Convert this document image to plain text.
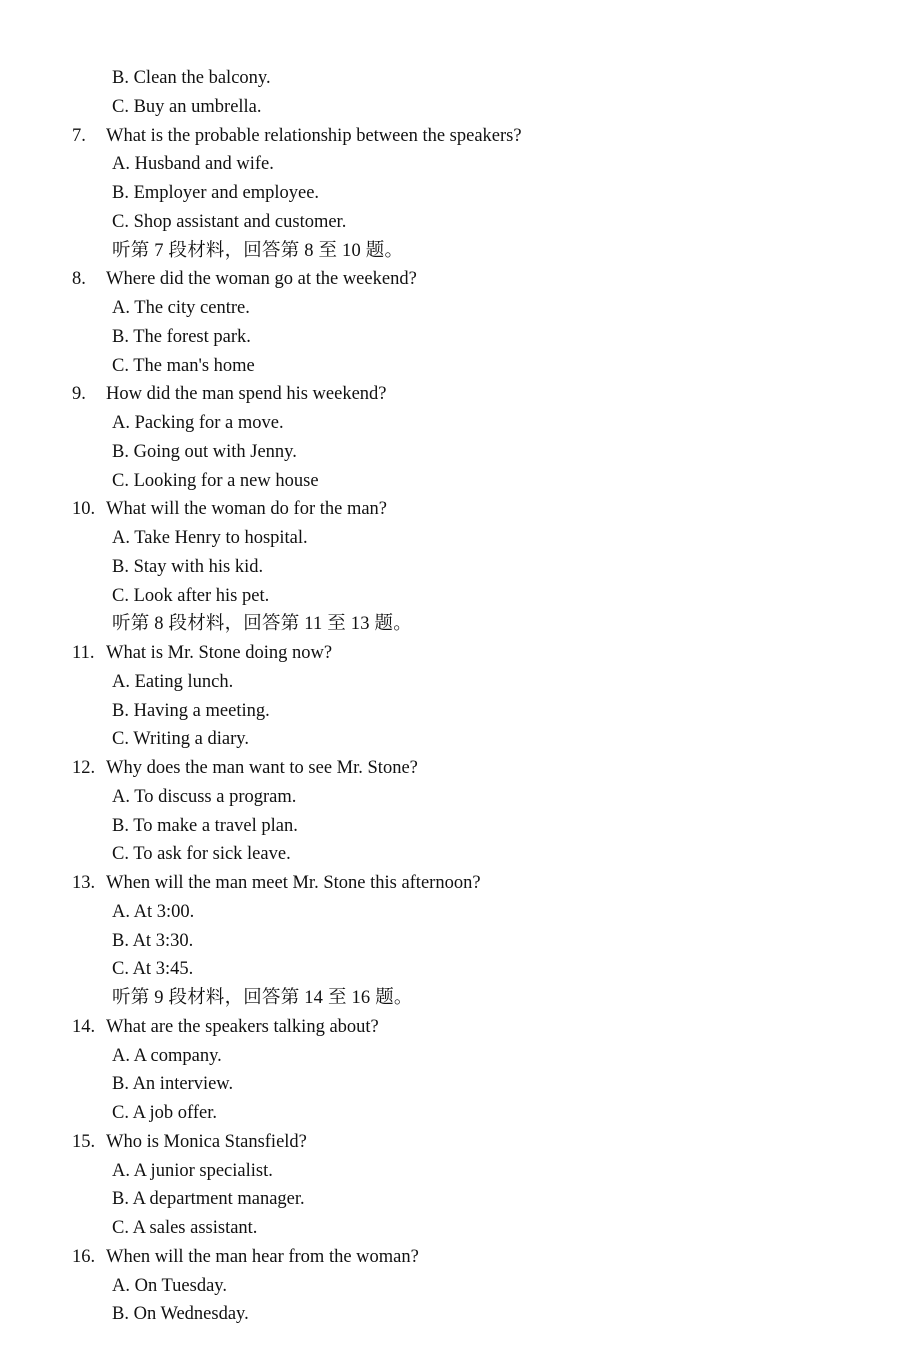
B. Clean the balcony.
C. Buy an umbrella.
7. What is the probable relationship between the speakers?
A. Husband and wife.
B. Employer and employee.
C. Shop assistant and customer.
听第 7 段材料，回答第 8 至 10 题。
8. Where did the woman go at the weekend?
A. The city centre.
B. The forest park.
C. The man's home
9. How did the man spend his weekend?
A. Packing for a move.
B. Going out with Jenny.
C. Looking for a new house
10. What will the woman do for the man?
A. Take Henry to hospital.
B. Stay with his kid.
C. Look after his pet.
听第 8 段材料，回答第 11 至 13 题。
11. What is Mr. Stone doing now?
A. Eating lunch.
B. Having a meeting.
C. Writing a diary.
12. Why does the man want to see Mr. Stone?
A. To discuss a program.
B. To make a travel plan.
C. To ask for sick leave.
13. When will the man meet Mr. Stone this afternoon?
A. At 3:00.
B. At 3:30.
C. At 3:45.
听第 9 段材料，回答第 14 至 16 题。
14. What are the speakers talking about?
A. A company.
B. An interview.
C. A job offer.
15. Who is Monica Stansfield?
A. A junior specialist.
B. A department manager.
C. A sales assistant.
16. When will the man hear from the woman?
A. On Tuesday.
B. On Wednesday.
